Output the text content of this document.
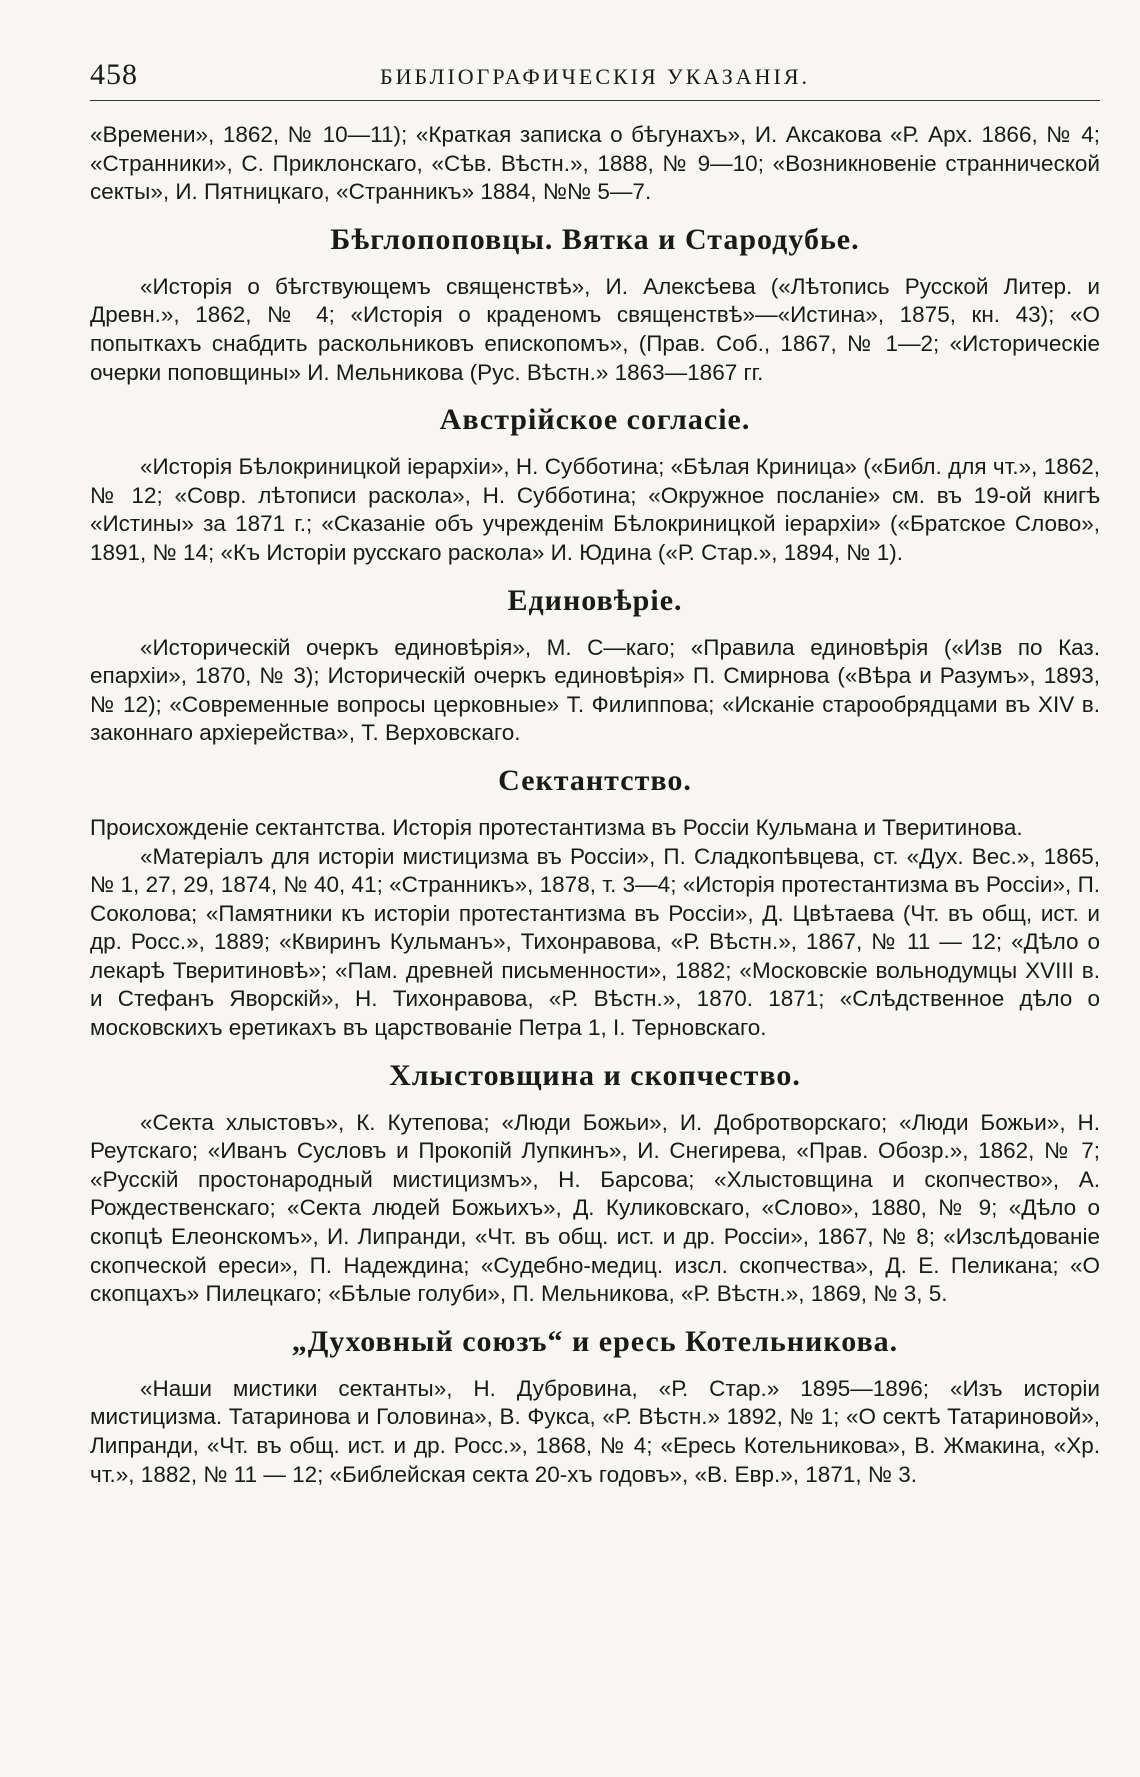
458	БИБЛІОГРАФИЧЕСКІЯ УКАЗАНІЯ.

«Времени», 1862, № 10—11); «Краткая записка о бѣгунахъ», И. Аксакова «Р. Арх. 1866, № 4; «Странники», С. Приклонскаго, «Сѣв. Вѣстн.», 1888, № 9—10; «Возникновеніе страннической секты», И. Пятницкаго, «Странникъ» 1884, №№ 5—7.

Бѣглопоповцы. Вятка и Стародубье.

«Исторія о бѣгствующемъ священствѣ», И. Алексѣева («Лѣтопись Русской Литер. и Древн.», 1862, № 4; «Исторія о краденомъ священствѣ»—«Истина», 1875, кн. 43); «О попыткахъ снабдить раскольниковъ епископомъ», (Прав. Соб., 1867, № 1—2; «Историческіе очерки поповщины» И. Мельникова (Рус. Вѣстн.» 1863—1867 гг.

Австрійское согласіе.

«Исторія Бѣлокриницкой іерархіи», Н. Субботина; «Бѣлая Криница» («Библ. для чт.», 1862, № 12; «Совр. лѣтописи раскола», Н. Субботина; «Окружное посланіе» см. въ 19-ой книгѣ «Истины» за 1871 г.; «Сказаніе объ учрежденім Бѣлокриницкой іерархіи» («Братское Слово», 1891, № 14; «Къ Исторіи русскаго раскола» И. Юдина («Р. Стар.», 1894, № 1).

Единовѣріе.

«Историческій очеркъ единовѣрія», М. С—каго; «Правила единовѣрія («Изв по Каз. епархіи», 1870, № 3); Историческій очеркъ единовѣрія» П. Смирнова («Вѣра и Разумъ», 1893, № 12); «Современные вопросы церковные» Т. Филиппова; «Исканіе старообрядцами въ XIV в. законнаго архіерейства», Т. Верховскаго.

Сектантство.

Происхожденіе сектантства. Исторія протестантизма въ Россіи Кульмана и Тверитинова.

«Матеріалъ для исторіи мистицизма въ Россіи», П. Сладкопѣвцева, ст. «Дух. Вес.», 1865, № 1, 27, 29, 1874, № 40, 41; «Странникъ», 1878, т. 3—4; «Исторія протестантизма въ Россіи», П. Соколова; «Памятники къ исторіи протестантизма въ Россіи», Д. Цвѣтаева (Чт. въ общ, ист. и др. Росс.», 1889; «Квиринъ Кульманъ», Тихонравова, «Р. Вѣстн.», 1867, № 11 — 12; «Дѣло о лекарѣ Тверитиновѣ»; «Пам. древней письменности», 1882; «Московскіе вольнодумцы XVIII в. и Стефанъ Яворскій», Н. Тихонравова, «Р. Вѣстн.», 1870. 1871; «Слѣдственное дѣло о московскихъ еретикахъ въ царствованіе Петра 1, І. Терновскаго.

Хлыстовщина и скопчество.

«Секта хлыстовъ», К. Кутепова; «Люди Божьи», И. Добротворскаго; «Люди Божьи», Н. Реутскаго; «Иванъ Сусловъ и Прокопій Лупкинъ», И. Снегирева, «Прав. Обозр.», 1862, № 7; «Русскій простонародный мистицизмъ», Н. Барсова; «Хлыстовщина и скопчество», А. Рождественскаго; «Секта людей Божьихъ», Д. Куликовскаго, «Слово», 1880, № 9; «Дѣло о скопцѣ Елеонскомъ», И. Липранди, «Чт. въ общ. ист. и др. Россіи», 1867, № 8; «Изслѣдованіе скопческой ереси», П. Надеждина; «Судебно-медиц. изсл. скопчества», Д. Е. Пеликана; «О скопцахъ» Пилецкаго; «Бѣлые голуби», П. Мельникова, «Р. Вѣстн.», 1869, № 3, 5.

„Духовный союзъ“ и ересь Котельникова.

«Наши мистики сектанты», Н. Дубровина, «Р. Стар.» 1895—1896; «Изъ исторіи мистицизма. Татаринова и Головина», В. Фукса, «Р. Вѣстн.» 1892, № 1; «О сектѣ Татариновой», Липранди, «Чт. въ общ. ист. и др. Росс.», 1868, № 4; «Ересь Котельникова», В. Жмакина, «Хр. чт.», 1882, № 11 — 12; «Библейская секта 20-хъ годовъ», «В. Евр.», 1871, № 3.
